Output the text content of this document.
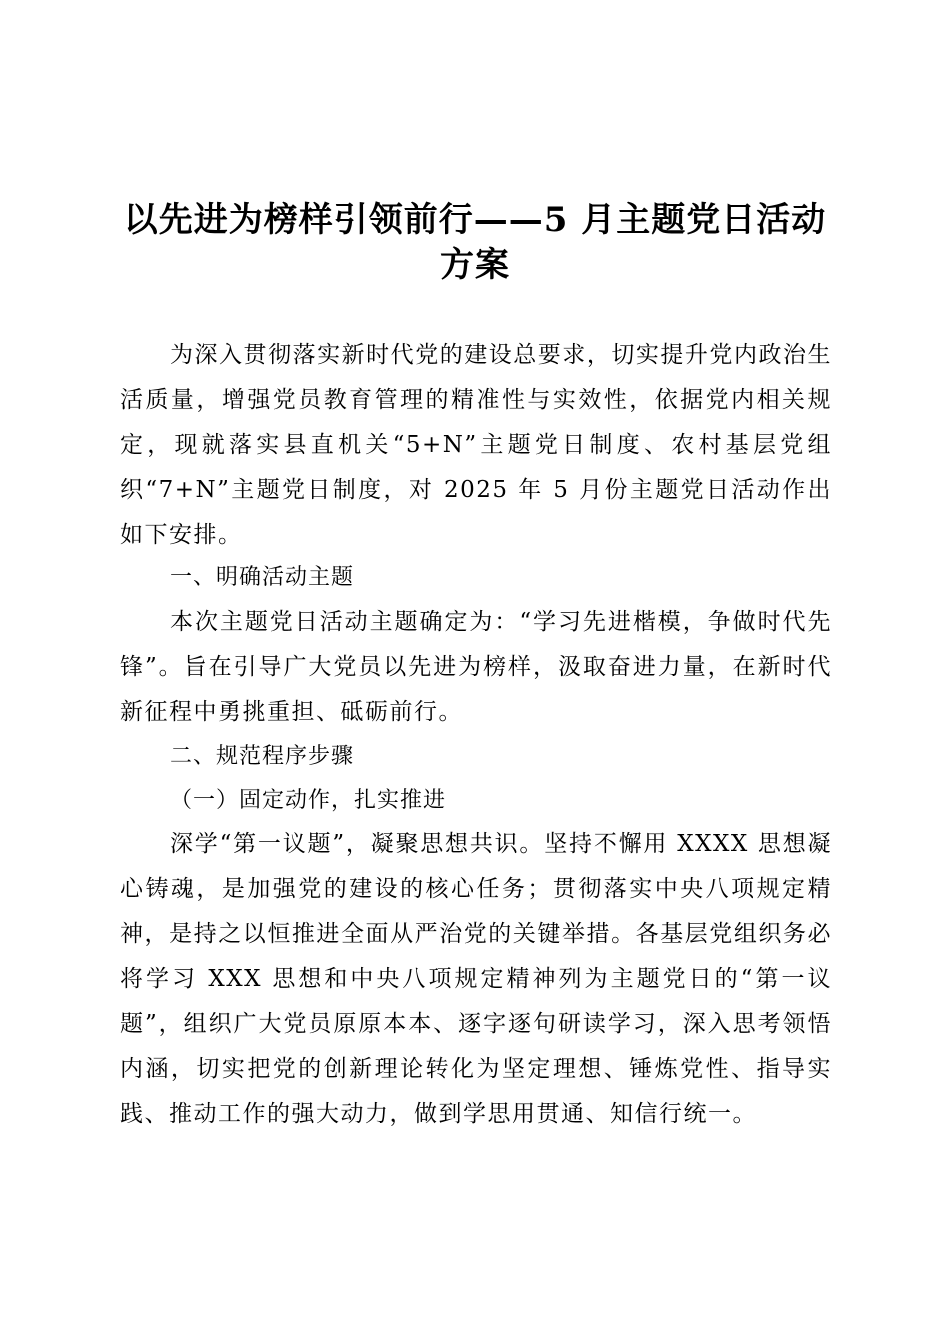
以先进为榜样引领前行——5 月主题党日活动
方案

为深入贯彻落实新时代党的建设总要求，切实提升党内政治生活质量，增强党员教育管理的精准性与实效性，依据党内相关规定，现就落实县直机关“5+N”主题党日制度、农村基层党组织“7+N”主题党日制度，对 2025 年 5 月份主题党日活动作出如下安排。

一、明确活动主题

本次主题党日活动主题确定为：“学习先进楷模，争做时代先锋”。旨在引导广大党员以先进为榜样，汲取奋进力量，在新时代新征程中勇挑重担、砥砺前行。

二、规范程序步骤

（一）固定动作，扎实推进

深学“第一议题”，凝聚思想共识。坚持不懈用 XXXX 思想凝心铸魂，是加强党的建设的核心任务；贯彻落实中央八项规定精神，是持之以恒推进全面从严治党的关键举措。各基层党组织务必将学习 XXX 思想和中央八项规定精神列为主题党日的“第一议题”，组织广大党员原原本本、逐字逐句研读学习，深入思考领悟内涵，切实把党的创新理论转化为坚定理想、锤炼党性、指导实践、推动工作的强大动力，做到学思用贯通、知信行统一。
